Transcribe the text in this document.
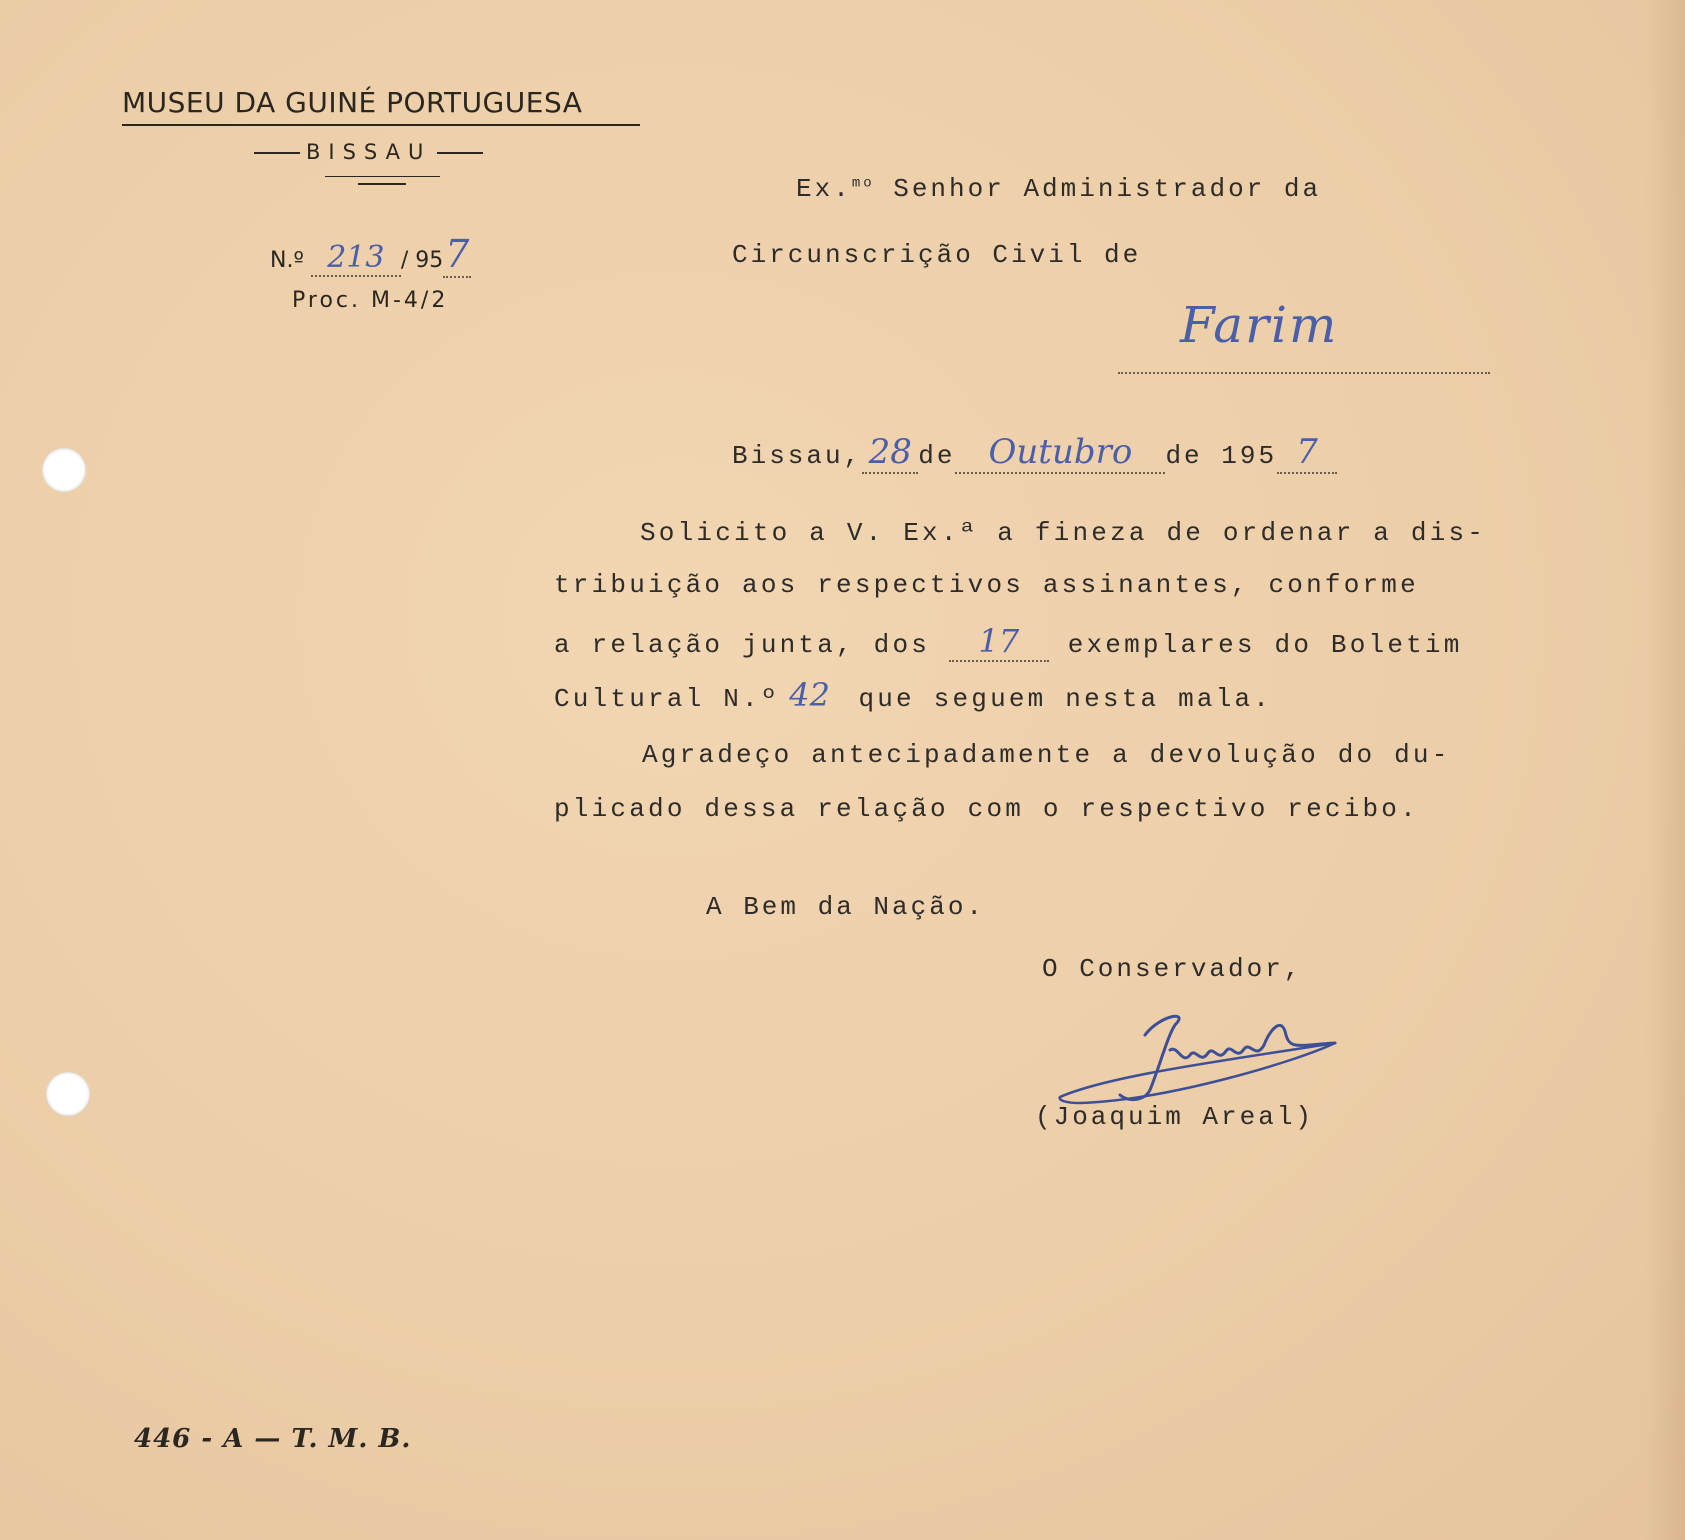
MUSEU DA GUINÉ PORTUGUESA
BISSAU
N.º 213 / 957
Proc. M-4/2
Ex.$^{mo}$ Senhor Administrador da
Circunscrição Civil de
Farim
Bissau, 28 de Outubro de 195 7
Solicito a V. Ex.ª a fineza de ordenar a dis-
tribuição aos respectivos assinantes, conforme
a relação junta, dos 17 exemplares do Boletim
Cultural N.º 42 que seguem nesta mala.
Agradeço antecipadamente a devolução do du-
plicado dessa relação com o respectivo recibo.
A Bem da Nação.
O Conservador,
(Joaquim Areal)
446 - A — T. M. B.
